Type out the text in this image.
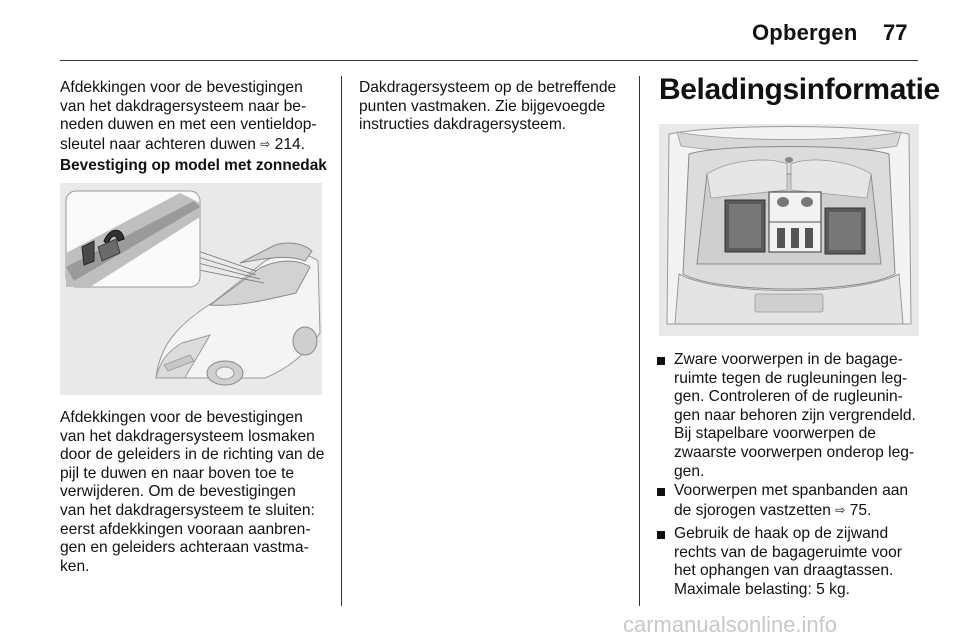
Opbergen 77
Afdekkingen voor de bevestigingen
van het dakdragersysteem naar be-
neden duwen en met een ventieldop-
sleutel naar achteren duwen ⇨ 214.
Bevestiging op model met zonnedak
Afdekkingen voor de bevestigingen
van het dakdragersysteem losmaken
door de geleiders in de richting van de
pijl te duwen en naar boven toe te
verwijderen. Om de bevestigingen
van het dakdragersysteem te sluiten:
eerst afdekkingen vooraan aanbren-
gen en geleiders achteraan vastma-
ken.
Dakdragersysteem op de betreffende
punten vastmaken. Zie bijgevoegde
instructies dakdragersysteem.
Beladingsinformatie
Zware voorwerpen in de bagage-
ruimte tegen de rugleuningen leg-
gen. Controleren of de rugleunin-
gen naar behoren zijn vergrendeld.
Bij stapelbare voorwerpen de
zwaarste voorwerpen onderop leg-
gen.
Voorwerpen met spanbanden aan
de sjorogen vastzetten ⇨ 75.
Gebruik de haak op de zijwand
rechts van de bagageruimte voor
het ophangen van draagtassen.
Maximale belasting: 5 kg.
carmanualsonline.info
